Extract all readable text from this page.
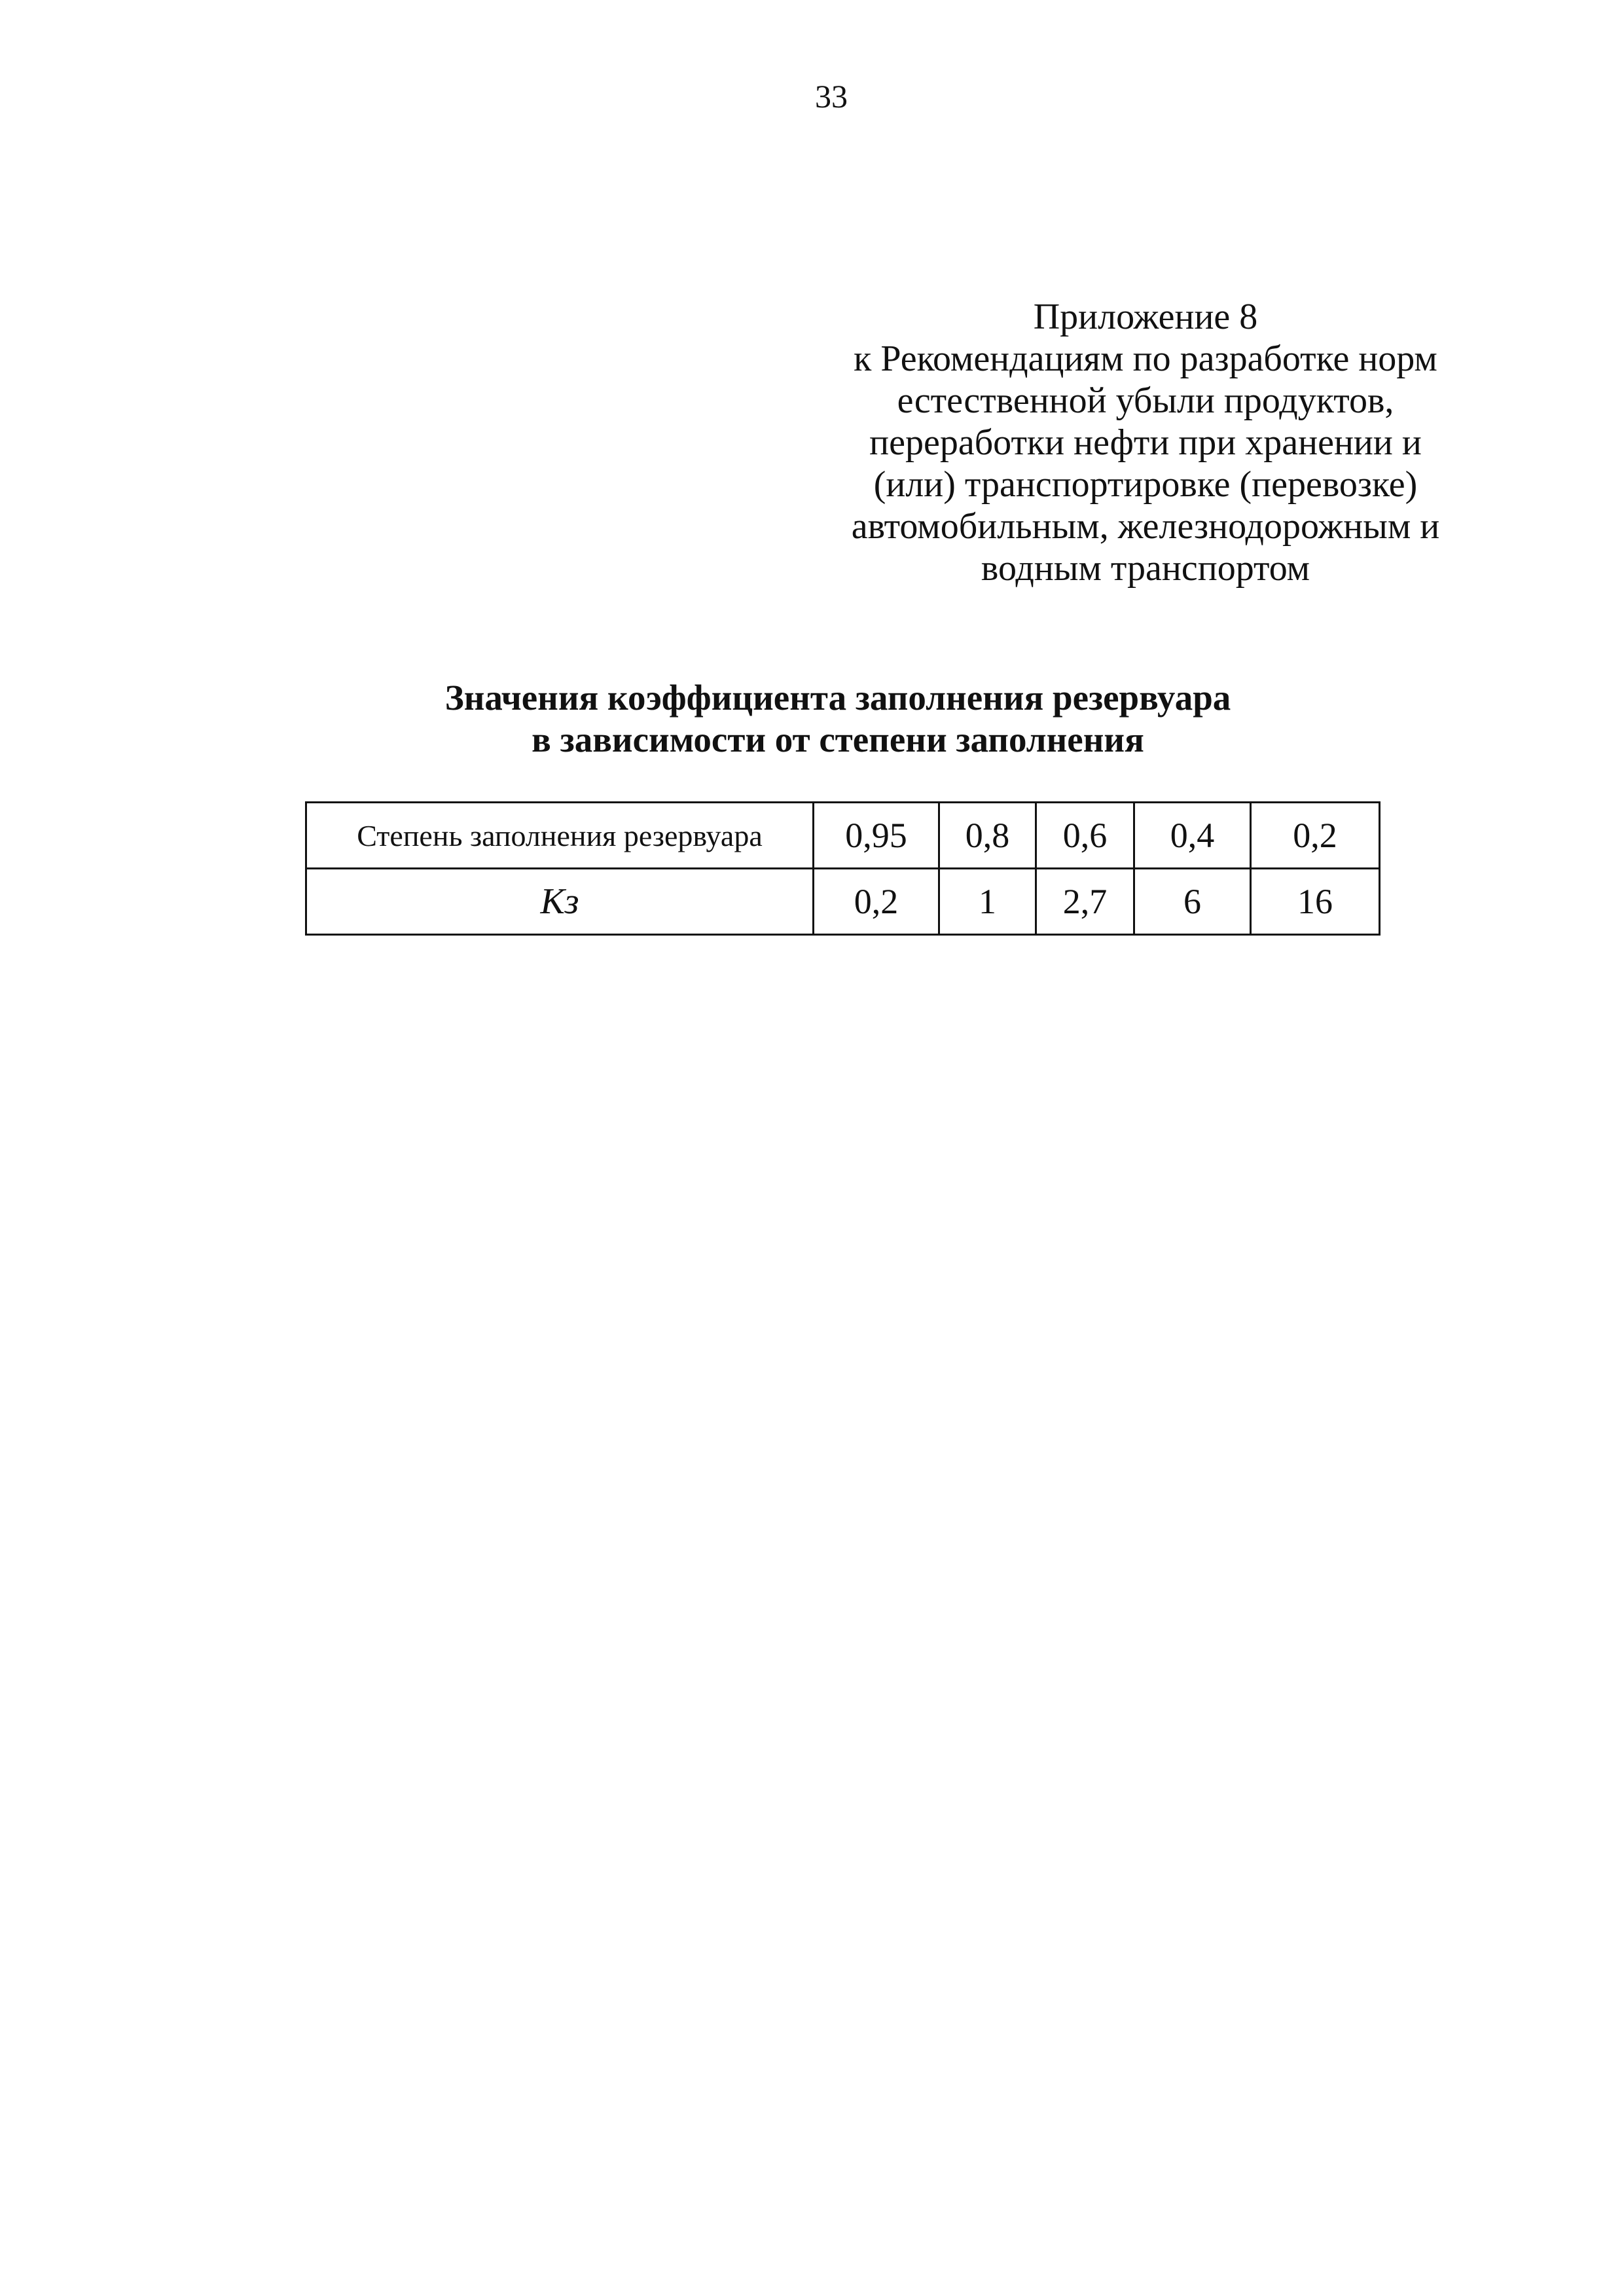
33
Приложение 8
к Рекомендациям по разработке норм
естественной убыли продуктов,
переработки нефти при хранении и
(или) транспортировке (перевозке)
автомобильным, железнодорожным и
водным транспортом
Значения коэффициента заполнения резервуара
в зависимости от степени заполнения
Степень заполнения резервуара	0,95	0,8	0,6	0,4	0,2
Кз	0,2	1	2,7	6	16
